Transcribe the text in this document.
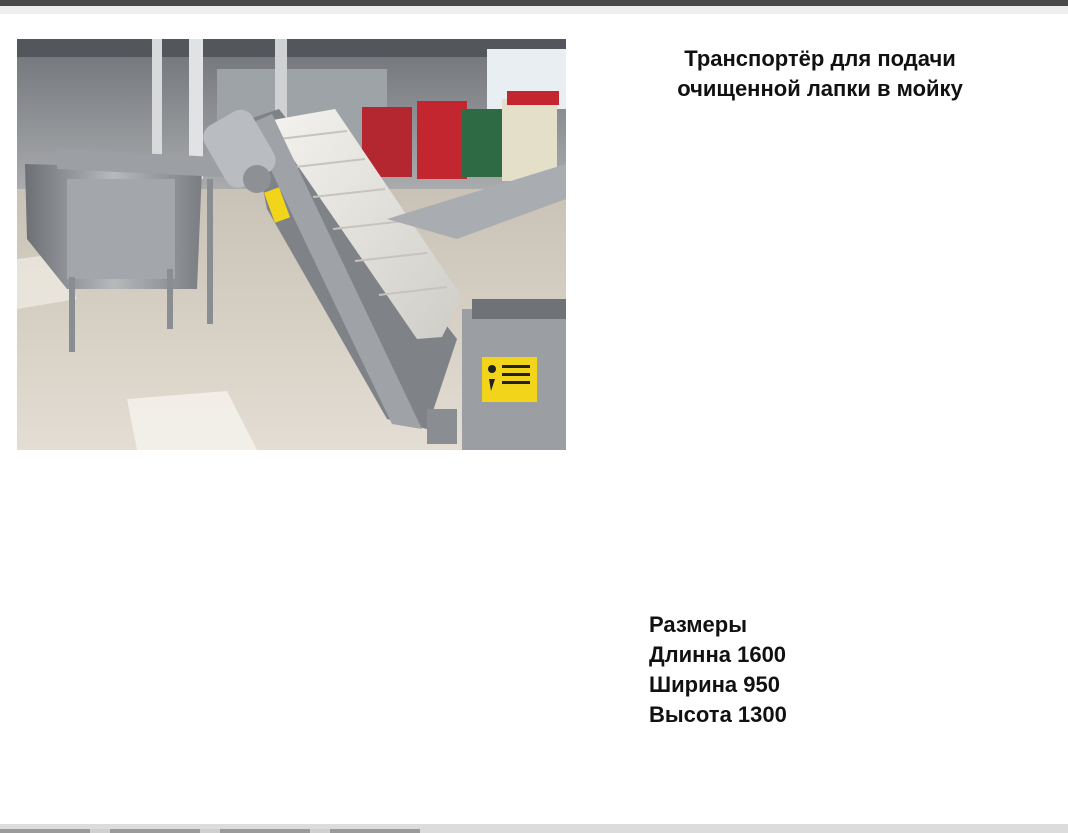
Транспортёр для подачи
очищенной лапки в мойку
Размеры
Длинна 1600
Ширина 950
Высота 1300
